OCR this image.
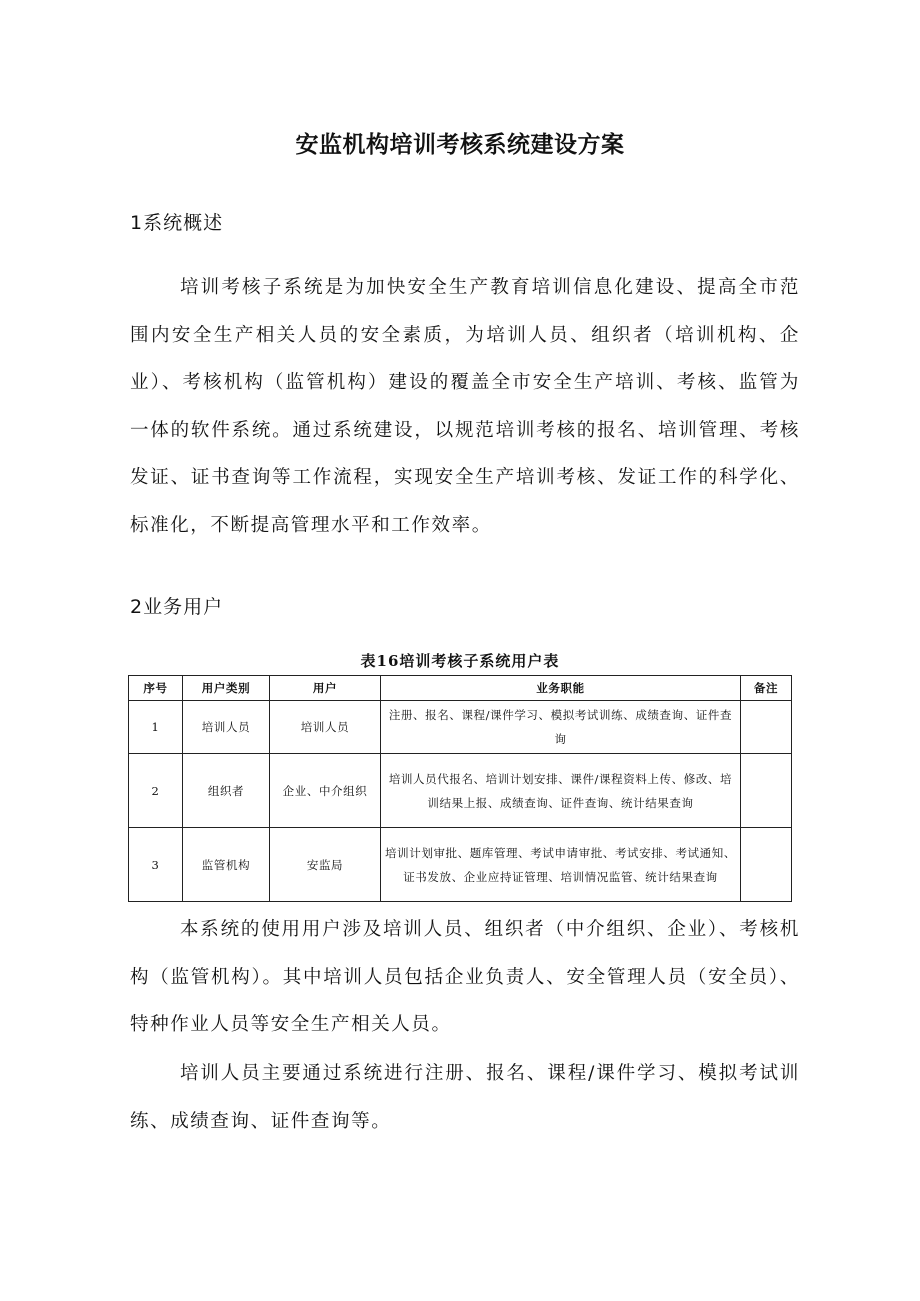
安监机构培训考核系统建设方案
1系统概述

培训考核子系统是为加快安全生产教育培训信息化建设、提高全市范围内安全生产相关人员的安全素质，为培训人员、组织者（培训机构、企业）、考核机构（监管机构）建设的覆盖全市安全生产培训、考核、监管为一体的软件系统。通过系统建设，以规范培训考核的报名、培训管理、考核发证、证书查询等工作流程，实现安全生产培训考核、发证工作的科学化、标准化，不断提高管理水平和工作效率。

2业务用户
表16培训考核子系统用户表
序号	用户类别	用户	业务职能	备注
1	培训人员	培训人员	注册、报名、课程/课件学习、模拟考试训练、成绩查询、证件查询	
2	组织者	企业、中介组织	培训人员代报名、培训计划安排、课件/课程资料上传、修改、培训结果上报、成绩查询、证件查询、统计结果查询	
3	监管机构	安监局	培训计划审批、题库管理、考试申请审批、考试安排、考试通知、证书发放、企业应持证管理、培训情况监管、统计结果查询	

本系统的使用用户涉及培训人员、组织者（中介组织、企业）、考核机构（监管机构）。其中培训人员包括企业负责人、安全管理人员（安全员）、特种作业人员等安全生产相关人员。

培训人员主要通过系统进行注册、报名、课程/课件学习、模拟考试训练、成绩查询、证件查询等。
